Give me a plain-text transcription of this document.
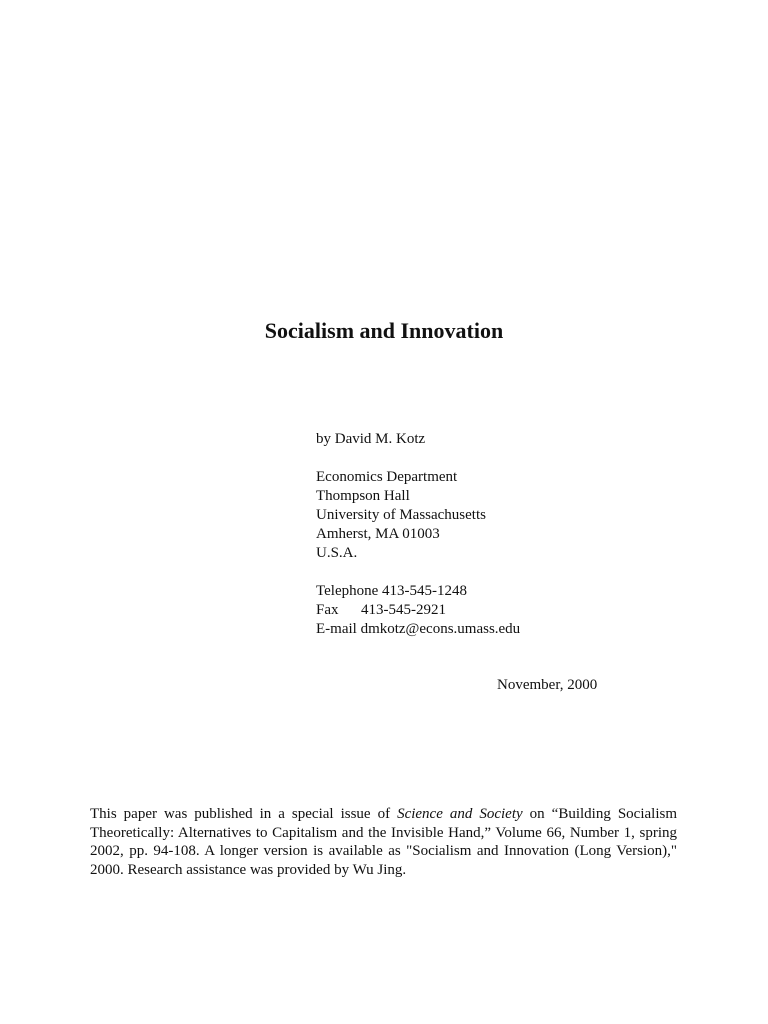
Socialism and Innovation
by David M. Kotz
Economics Department
Thompson Hall
University of Massachusetts
Amherst, MA 01003
U.S.A.
Telephone 413-545-1248
Fax 413-545-2921
E-mail dmkotz@econs.umass.edu
November, 2000

This paper was published in a special issue of Science and Society on “Building Socialism Theoretically: Alternatives to Capitalism and the Invisible Hand,” Volume 66, Number 1, spring 2002, pp. 94-108. A longer version is available as "Socialism and Innovation (Long Version)," 2000. Research assistance was provided by Wu Jing.
